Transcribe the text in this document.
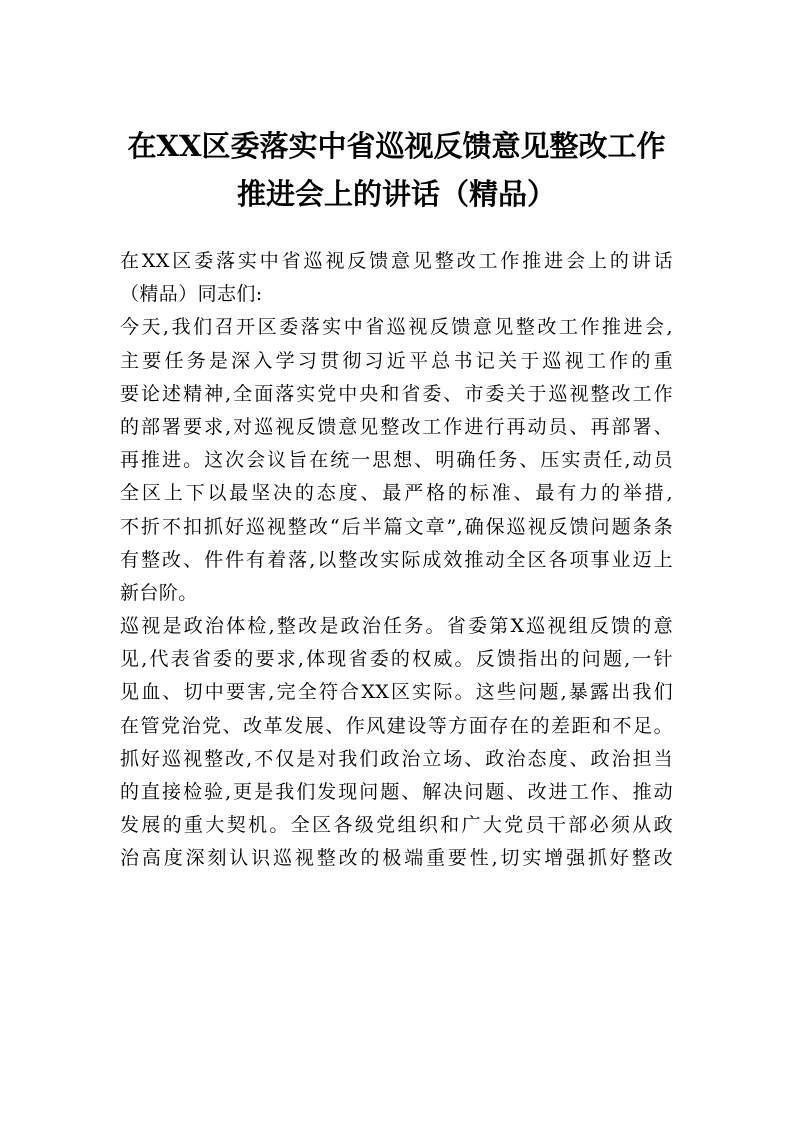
在XX区委落实中省巡视反馈意见整改工作
推进会上的讲话（精品）
在XX区委落实中省巡视反馈意见整改工作推进会上的讲话
（精品）同志们:
今天,我们召开区委落实中省巡视反馈意见整改工作推进会,
主要任务是深入学习贯彻习近平总书记关于巡视工作的重
要论述精神,全面落实党中央和省委、市委关于巡视整改工作
的部署要求,对巡视反馈意见整改工作进行再动员、再部署、
再推进。这次会议旨在统一思想、明确任务、压实责任,动员
全区上下以最坚决的态度、最严格的标准、最有力的举措,
不折不扣抓好巡视整改“后半篇文章”,确保巡视反馈问题条条
有整改、件件有着落,以整改实际成效推动全区各项事业迈上
新台阶。
巡视是政治体检,整改是政治任务。省委第X巡视组反馈的意
见,代表省委的要求,体现省委的权威。反馈指出的问题,一针
见血、切中要害,完全符合XX区实际。这些问题,暴露出我们
在管党治党、改革发展、作风建设等方面存在的差距和不足。
抓好巡视整改,不仅是对我们政治立场、政治态度、政治担当
的直接检验,更是我们发现问题、解决问题、改进工作、推动
发展的重大契机。全区各级党组织和广大党员干部必须从政
治高度深刻认识巡视整改的极端重要性,切实增强抓好整改
